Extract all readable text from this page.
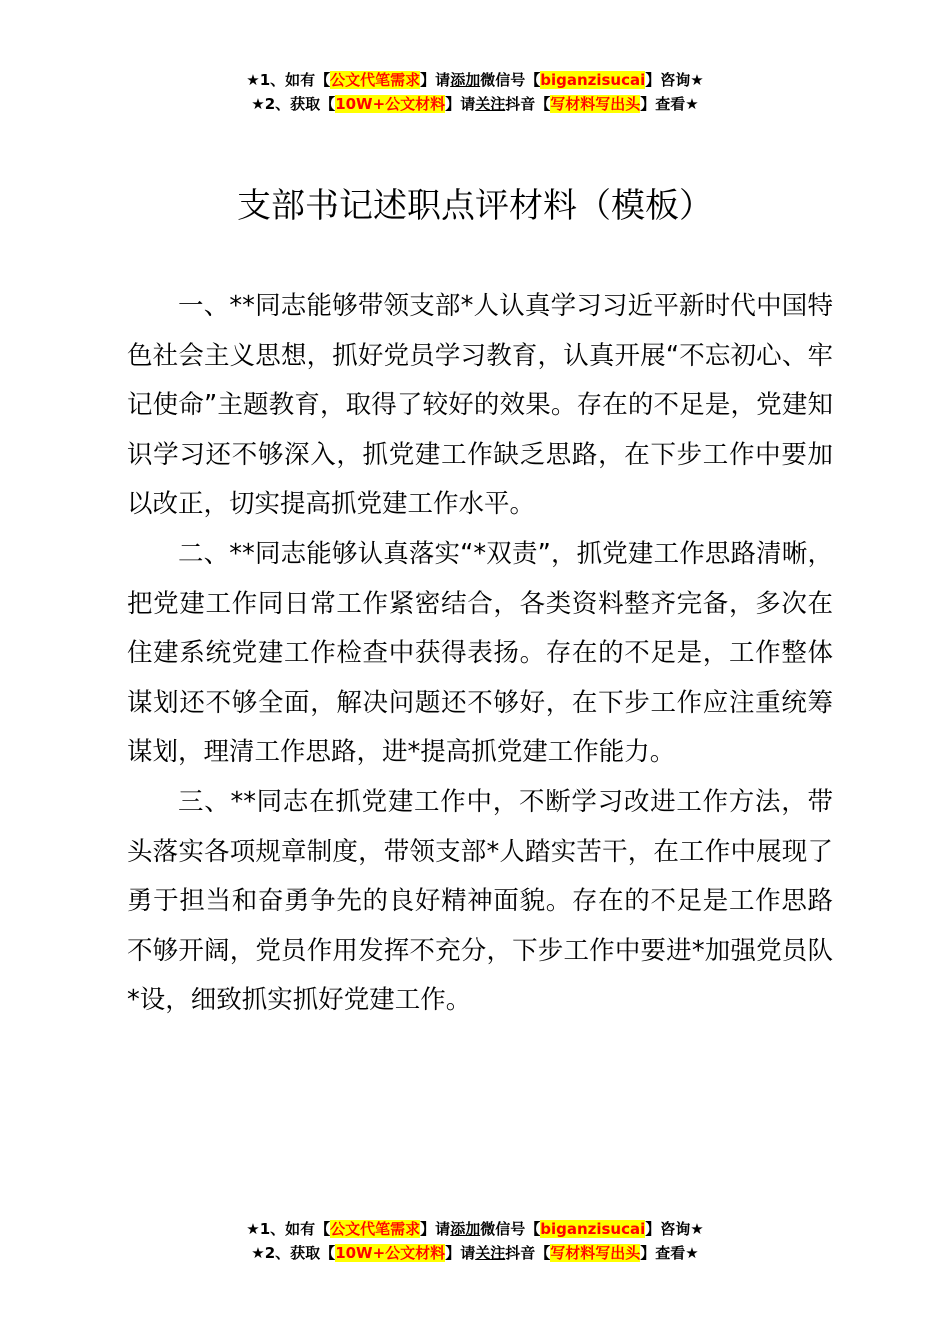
★1、如有【公文代笔需求】请添加微信号【biganzisucai】咨询★
★2、获取【10W+公文材料】请关注抖音【写材料写出头】查看★
支部书记述职点评材料（模板）

一、**同志能够带领支部*人认真学习习近平新时代中国特色社会主义思想，抓好党员学习教育，认真开展“不忘初心、牢记使命”主题教育，取得了较好的效果。存在的不足是，党建知识学习还不够深入，抓党建工作缺乏思路，在下步工作中要加以改正，切实提高抓党建工作水平。

二、**同志能够认真落实“*双责”，抓党建工作思路清晰，把党建工作同日常工作紧密结合，各类资料整齐完备，多次在住建系统党建工作检查中获得表扬。存在的不足是，工作整体谋划还不够全面，解决问题还不够好，在下步工作应注重统筹谋划，理清工作思路，进*提高抓党建工作能力。

三、**同志在抓党建工作中，不断学习改进工作方法，带头落实各项规章制度，带领支部*人踏实苦干，在工作中展现了勇于担当和奋勇争先的良好精神面貌。存在的不足是工作思路不够开阔，党员作用发挥不充分，下步工作中要进*加强党员队*设，细致抓实抓好党建工作。

★1、如有【公文代笔需求】请添加微信号【biganzisucai】咨询★
★2、获取【10W+公文材料】请关注抖音【写材料写出头】查看★
